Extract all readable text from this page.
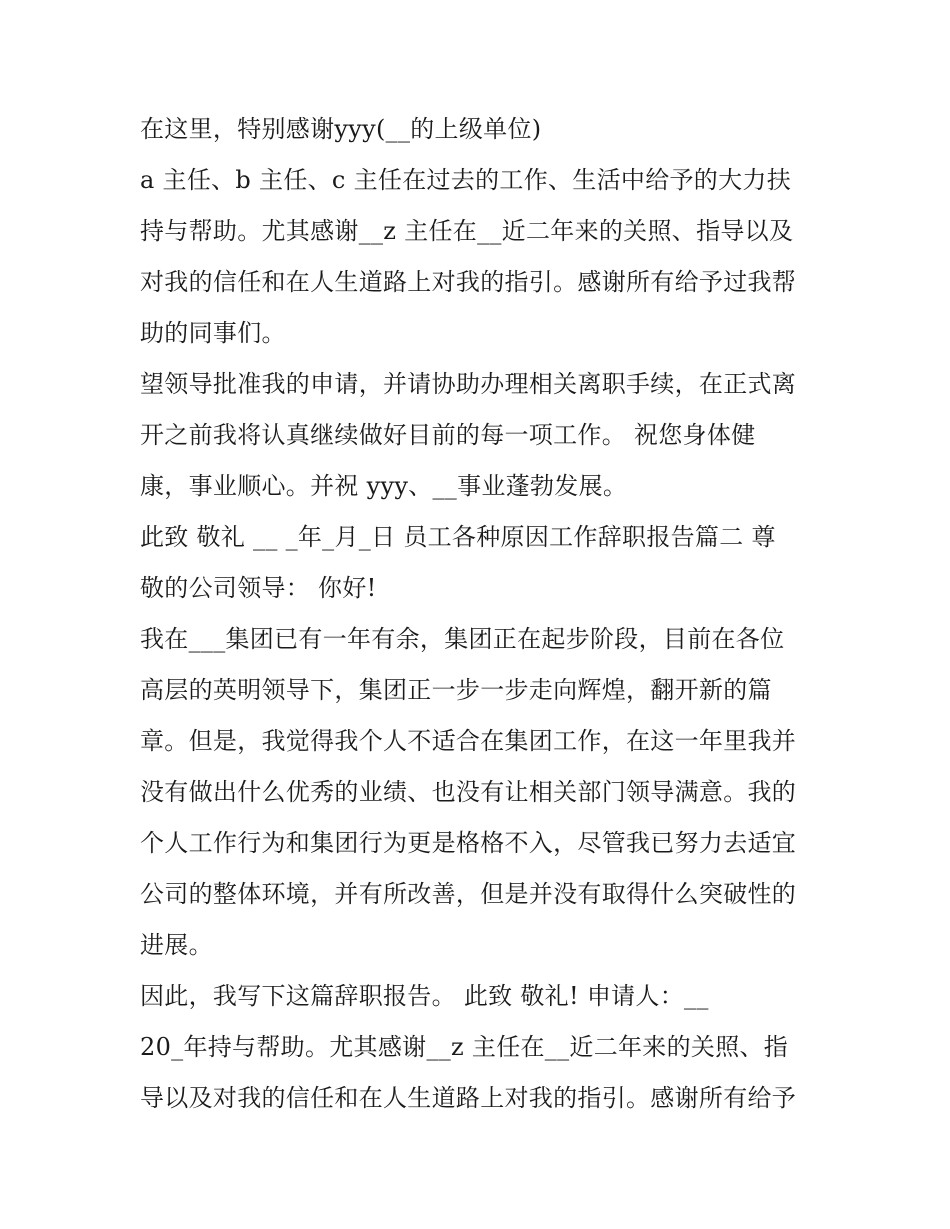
在这里，特别感谢yyy(__的上级单位)
a 主任、b 主任、c 主任在过去的工作、生活中给予的大力扶
持与帮助。尤其感谢__z 主任在__近二年来的关照、指导以及
对我的信任和在人生道路上对我的指引。感谢所有给予过我帮
助的同事们。
望领导批准我的申请，并请协助办理相关离职手续，在正式离
开之前我将认真继续做好目前的每一项工作。 祝您身体健
康，事业顺心。并祝 yyy、__事业蓬勃发展。
此致 敬礼 __ _年_月_日 员工各种原因工作辞职报告篇二 尊
敬的公司领导： 你好!
我在___集团已有一年有余，集团正在起步阶段，目前在各位
高层的英明领导下，集团正一步一步走向辉煌，翻开新的篇
章。但是，我觉得我个人不适合在集团工作，在这一年里我并
没有做出什么优秀的业绩、也没有让相关部门领导满意。我的
个人工作行为和集团行为更是格格不入，尽管我已努力去适宜
公司的整体环境，并有所改善，但是并没有取得什么突破性的
进展。
因此，我写下这篇辞职报告。 此致 敬礼! 申请人：__
20_年持与帮助。尤其感谢__z 主任在__近二年来的关照、指
导以及对我的信任和在人生道路上对我的指引。感谢所有给予
